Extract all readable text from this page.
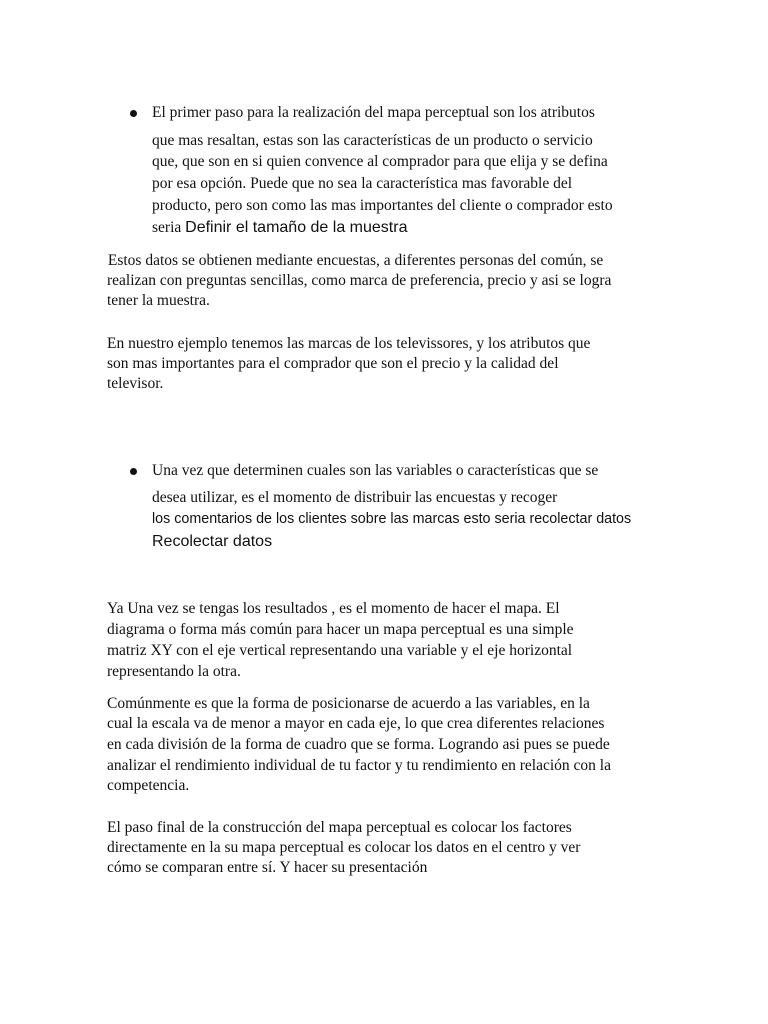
El primer paso para la realización del mapa perceptual son los atributos
que mas resaltan, estas son las características de un producto o servicio
que, que son en si quien convence al comprador para que elija y se defina
por esa opción. Puede que no sea la característica mas favorable del
producto, pero son como las mas importantes del cliente o comprador esto
seria Definir el tamaño de la muestra
Estos datos se obtienen mediante encuestas, a diferentes personas del común, se
realizan con preguntas sencillas, como marca de preferencia, precio y asi se logra
tener la muestra.
En nuestro ejemplo tenemos las marcas de los televissores, y los atributos que
son mas importantes para el comprador que son el precio y la calidad del
televisor.
Una vez que determinen cuales son las variables o características que se
desea utilizar, es el momento de distribuir las encuestas y recoger
los comentarios de los clientes sobre las marcas esto seria recolectar datos
Recolectar datos
Ya Una vez se tengas los resultados , es el momento de hacer el mapa. El
diagrama o forma más común para hacer un mapa perceptual es una simple
matriz XY con el eje vertical representando una variable y el eje horizontal
representando la otra.
Comúnmente es que la forma de posicionarse de acuerdo a las variables, en la
cual la escala va de menor a mayor en cada eje, lo que crea diferentes relaciones
en cada división de la forma de cuadro que se forma. Logrando asi pues se puede
analizar el rendimiento individual de tu factor y tu rendimiento en relación con la
competencia.
El paso final de la construcción del mapa perceptual es colocar los factores
directamente en la su mapa perceptual es colocar los datos en el centro y ver
cómo se comparan entre sí. Y hacer su presentación
